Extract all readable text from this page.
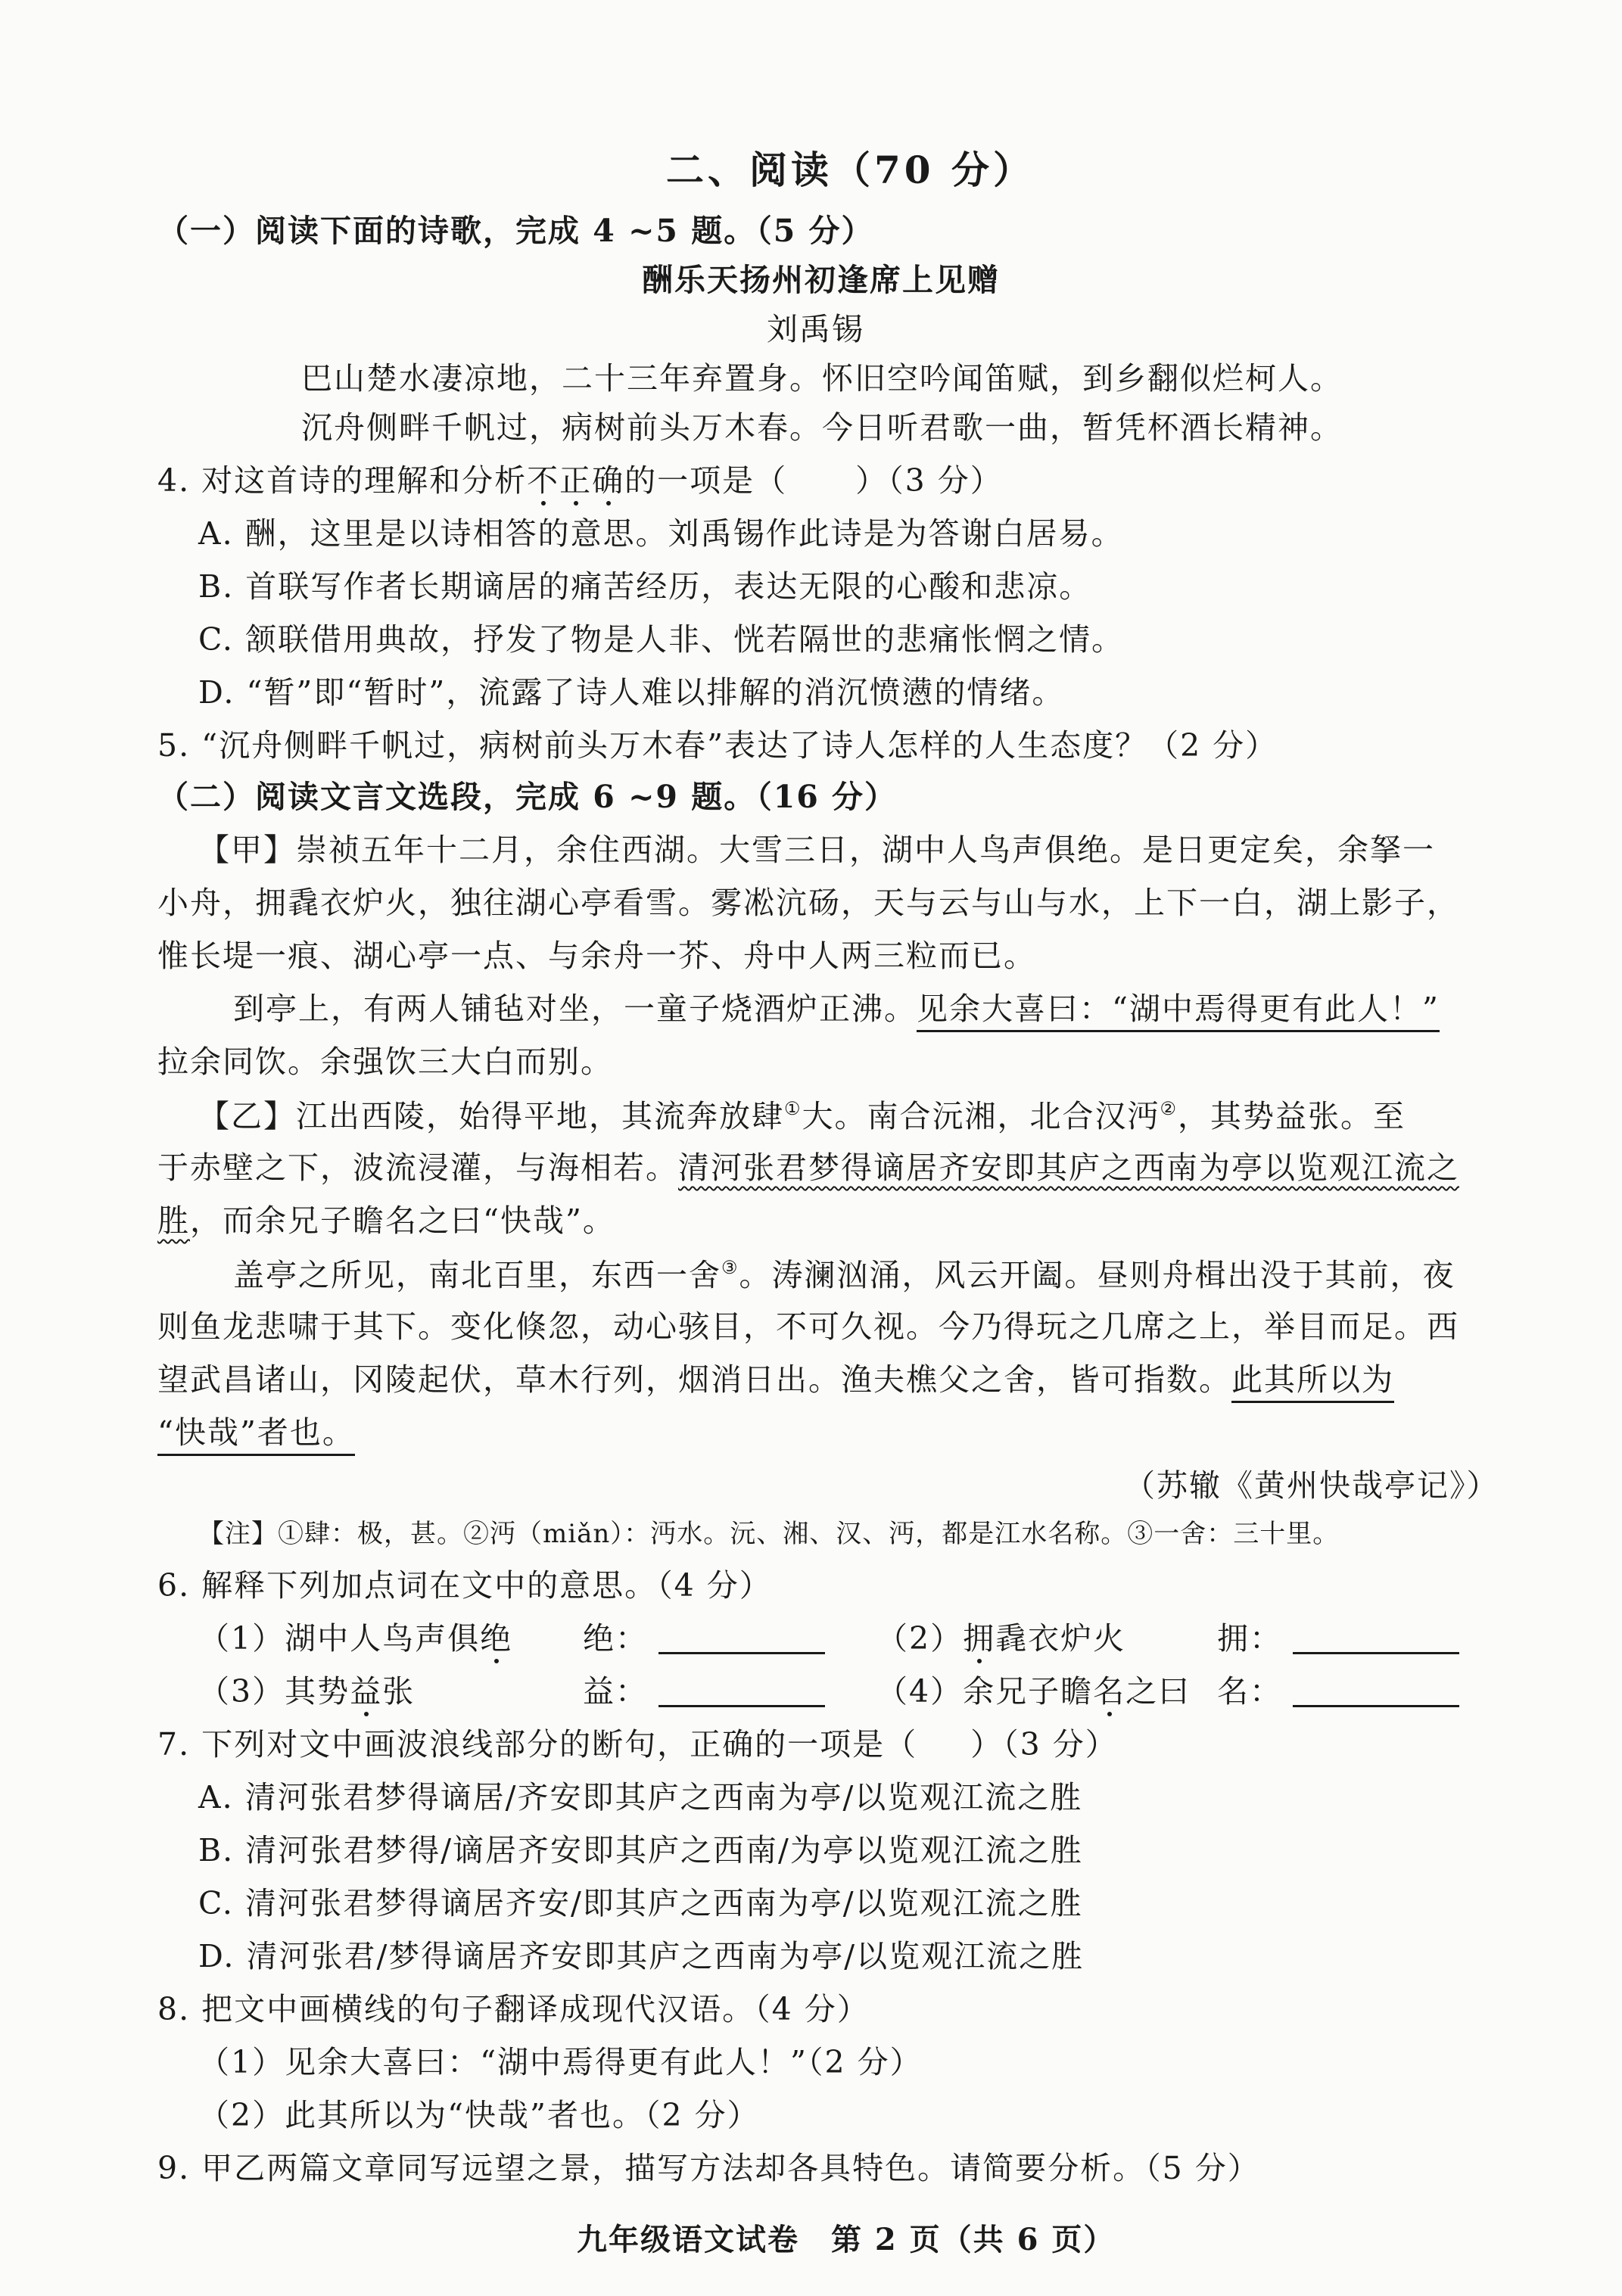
二、阅读（70 分）
（一）阅读下面的诗歌，完成 4 ~5 题。（5 分）
酬乐天扬州初逢席上见赠
刘禹锡
巴山楚水凄凉地，二十三年弃置身。怀旧空吟闻笛赋，到乡翻似烂柯人。
沉舟侧畔千帆过，病树前头万木春。今日听君歌一曲，暂凭杯酒长精神。
4. 对这首诗的理解和分析不正确的一项是（ ）（3 分）
A. 酬，这里是以诗相答的意思。刘禹锡作此诗是为答谢白居易。
B. 首联写作者长期谪居的痛苦经历，表达无限的心酸和悲凉。
C. 颔联借用典故，抒发了物是人非、恍若隔世的悲痛怅惘之情。
D. “暂”即“暂时”，流露了诗人难以排解的消沉愤懑的情绪。
5. “沉舟侧畔千帆过，病树前头万木春”表达了诗人怎样的人生态度？（2 分）
（二）阅读文言文选段，完成 6 ~9 题。（16 分）
【甲】崇祯五年十二月，余住西湖。大雪三日，湖中人鸟声俱绝。是日更定矣，余拏一
小舟，拥毳衣炉火，独往湖心亭看雪。雾凇沆砀，天与云与山与水，上下一白，湖上影子，
惟长堤一痕、湖心亭一点、与余舟一芥、舟中人两三粒而已。
到亭上，有两人铺毡对坐，一童子烧酒炉正沸。见余大喜曰：“湖中焉得更有此人！”
拉余同饮。余强饮三大白而别。
【乙】江出西陵，始得平地，其流奔放肆①大。南合沅湘，北合汉沔②，其势益张。至
于赤壁之下，波流浸灌，与海相若。清河张君梦得谪居齐安即其庐之西南为亭以览观江流之
胜，而余兄子瞻名之曰“快哉”。
盖亭之所见，南北百里，东西一舍③。涛澜汹涌，风云开阖。昼则舟楫出没于其前，夜
则鱼龙悲啸于其下。变化倏忽，动心骇目，不可久视。今乃得玩之几席之上，举目而足。西
望武昌诸山，冈陵起伏，草木行列，烟消日出。渔夫樵父之舍，皆可指数。此其所以为
“快哉”者也。
（苏辙《黄州快哉亭记》）
【注】①肆：极，甚。②沔（miǎn）：沔水。沅、湘、汉、沔，都是江水名称。③一舍：三十里。
6. 解释下列加点词在文中的意思。（4 分）
（1）湖中人鸟声俱绝 绝：	（2）拥毳衣炉火	拥：
（3）其势益张	益：	（4）余兄子瞻名之曰 名：
7. 下列对文中画波浪线部分的断句，正确的一项是（ ）（3 分）
A. 清河张君梦得谪居/齐安即其庐之西南为亭/以览观江流之胜
B. 清河张君梦得/谪居齐安即其庐之西南/为亭以览观江流之胜
C. 清河张君梦得谪居齐安/即其庐之西南为亭/以览观江流之胜
D. 清河张君/梦得谪居齐安即其庐之西南为亭/以览观江流之胜
8. 把文中画横线的句子翻译成现代汉语。（4 分）
（1）见余大喜曰：“湖中焉得更有此人！”（2 分）
（2）此其所以为“快哉”者也。（2 分）
9. 甲乙两篇文章同写远望之景，描写方法却各具特色。请简要分析。（5 分）
九年级语文试卷　第 2 页（共 6 页）
